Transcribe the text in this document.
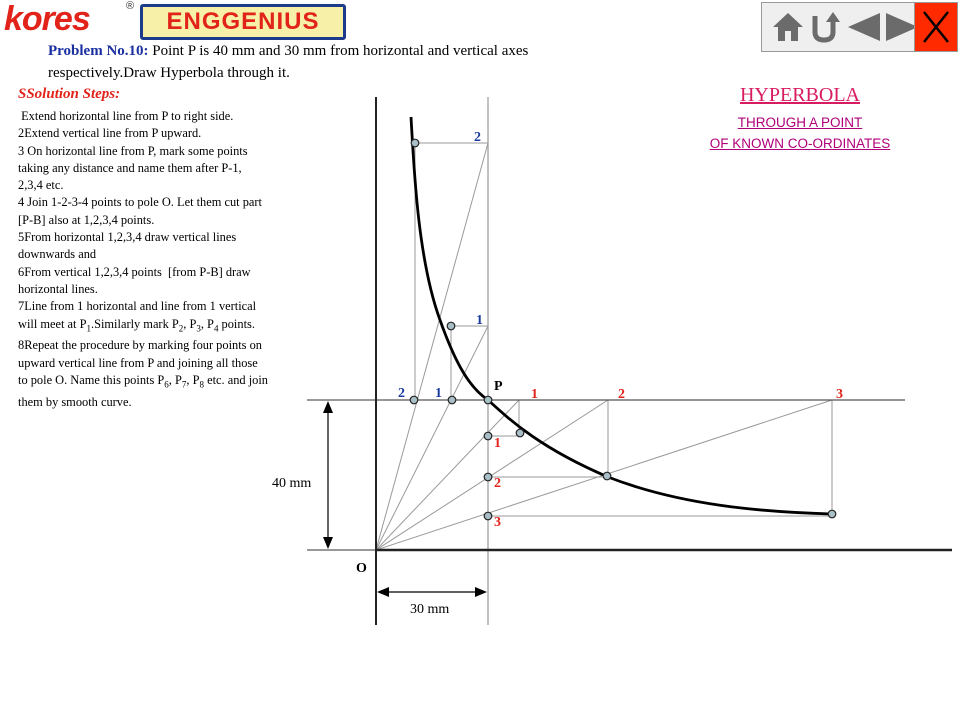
kores	®
ENGGENIUS

Problem No.10: Point P is 40 mm and 30 mm from horizontal and vertical axes respectively.Draw Hyperbola through it.

SSolution Steps:

Extend horizontal line from P to right side.
2Extend vertical line from P upward.
3 On horizontal line from P, mark some points taking any distance and name them after P-1, 2,3,4 etc.
4 Join 1-2-3-4 points to pole O. Let them cut part [P-B] also at 1,2,3,4 points.
5From horizontal 1,2,3,4 draw vertical lines downwards and
6From vertical 1,2,3,4 points  [from P-B] draw horizontal lines.
7Line from 1 horizontal and line from 1 vertical will meet at $P_1.Similarly$ mark $P_2$, $P_3$, $P_4$ points.
8Repeat the procedure by marking four points on upward vertical line from P and joining all those to pole O. Name this points $P_6$, $P_7$, $P_8$ etc. and join them by smooth curve.

HYPERBOLA

THROUGH A POINT

OF KNOWN CO-ORDINATES

40 mm
30 mm
2
1
2 1	P
O
1	2	3
1
2
3
